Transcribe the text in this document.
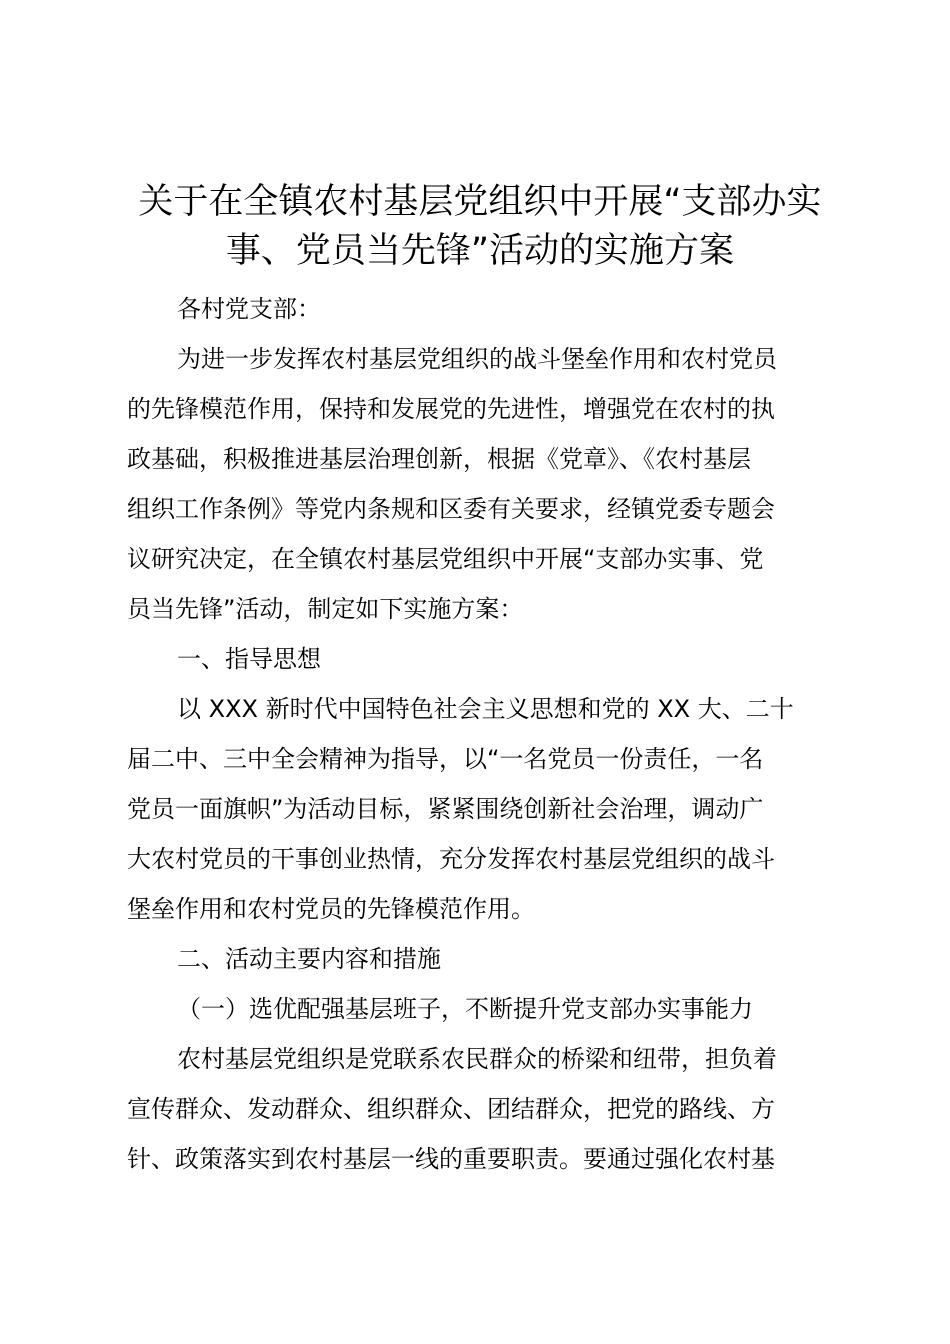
关于在全镇农村基层党组织中开展“支部办实
事、党员当先锋”活动的实施方案
各村党支部：
为进一步发挥农村基层党组织的战斗堡垒作用和农村党员
的先锋模范作用，保持和发展党的先进性，增强党在农村的执
政基础，积极推进基层治理创新，根据《党章》、《农村基层
组织工作条例》等党内条规和区委有关要求，经镇党委专题会
议研究决定，在全镇农村基层党组织中开展“支部办实事、党
员当先锋”活动，制定如下实施方案：
一、指导思想
以 XXX 新时代中国特色社会主义思想和党的 XX 大、二十
届二中、三中全会精神为指导，以“一名党员一份责任，一名
党员一面旗帜”为活动目标，紧紧围绕创新社会治理，调动广
大农村党员的干事创业热情，充分发挥农村基层党组织的战斗
堡垒作用和农村党员的先锋模范作用。
二、活动主要内容和措施
（一）选优配强基层班子，不断提升党支部办实事能力
农村基层党组织是党联系农民群众的桥梁和纽带，担负着
宣传群众、发动群众、组织群众、团结群众，把党的路线、方
针、政策落实到农村基层一线的重要职责。要通过强化农村基
